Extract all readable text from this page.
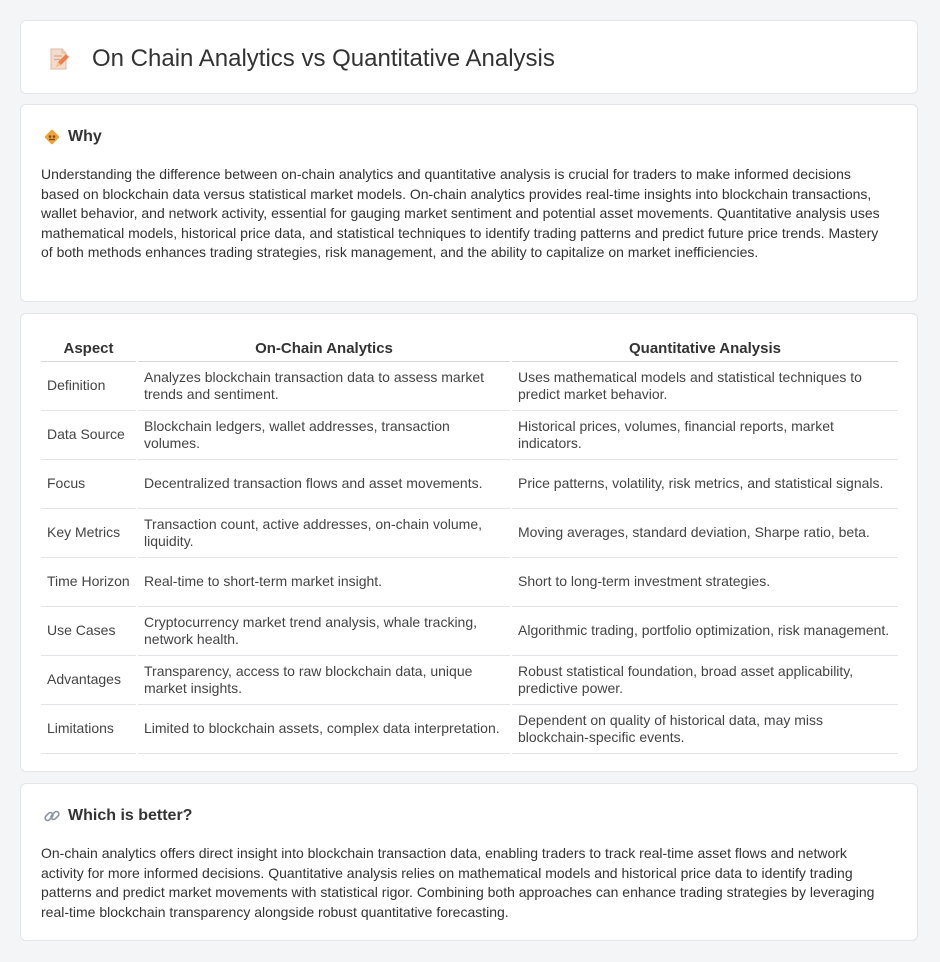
On Chain Analytics vs Quantitative Analysis
Why

Understanding the difference between on-chain analytics and quantitative analysis is crucial for traders to make informed decisions based on blockchain data versus statistical market models. On-chain analytics provides real-time insights into blockchain transactions, wallet behavior, and network activity, essential for gauging market sentiment and potential asset movements. Quantitative analysis uses mathematical models, historical price data, and statistical techniques to identify trading patterns and predict future price trends. Mastery of both methods enhances trading strategies, risk management, and the ability to capitalize on market inefficiencies.

Aspect	On-Chain Analytics	Quantitative Analysis
Definition	Analyzes blockchain transaction data to assess market trends and sentiment.	Uses mathematical models and statistical techniques to predict market behavior.
Data Source	Blockchain ledgers, wallet addresses, transaction volumes.	Historical prices, volumes, financial reports, market indicators.
Focus	Decentralized transaction flows and asset movements.	Price patterns, volatility, risk metrics, and statistical signals.
Key Metrics	Transaction count, active addresses, on-chain volume, liquidity.	Moving averages, standard deviation, Sharpe ratio, beta.
Time Horizon	Real-time to short-term market insight.	Short to long-term investment strategies.
Use Cases	Cryptocurrency market trend analysis, whale tracking, network health.	Algorithmic trading, portfolio optimization, risk management.
Advantages	Transparency, access to raw blockchain data, unique market insights.	Robust statistical foundation, broad asset applicability, predictive power.
Limitations	Limited to blockchain assets, complex data interpretation.	Dependent on quality of historical data, may miss blockchain-specific events.
Which is better?

On-chain analytics offers direct insight into blockchain transaction data, enabling traders to track real-time asset flows and network activity for more informed decisions. Quantitative analysis relies on mathematical models and historical price data to identify trading patterns and predict market movements with statistical rigor. Combining both approaches can enhance trading strategies by leveraging real-time blockchain transparency alongside robust quantitative forecasting.
